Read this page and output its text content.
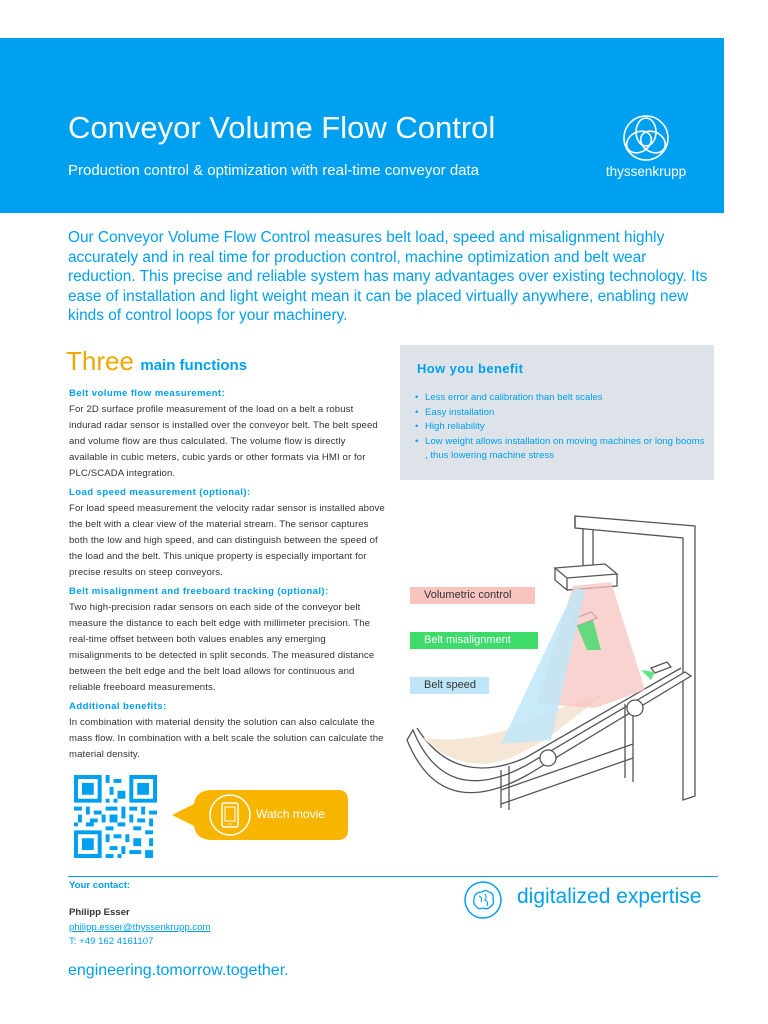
Conveyor Volume Flow Control
Production control & optimization with real-time conveyor data	thyssenkrupp
Our Conveyor Volume Flow Control measures belt load, speed and misalignment highly accurately and in real time for production control, machine optimization and belt wear reduction. This precise and reliable system has many advantages over existing technology. Its ease of installation and light weight mean it can be placed virtually anywhere, enabling new kinds of control loops for your machinery.
Three main functions
Belt volume flow measurement:

For 2D surface profile measurement of the load on a belt a robust indurad radar sensor is installed over the conveyor belt. The belt speed and volume flow are thus calculated. The volume flow is directly available in cubic meters, cubic yards or other formats via HMI or for PLC/SCADA integration.

Load speed measurement (optional):

For load speed measurement the velocity radar sensor is installed above the belt with a clear view of the material stream. The sensor captures both the low and high speed, and can distinguish between the speed of the load and the belt. This unique property is especially important for precise results on steep conveyors.

Belt misalignment and freeboard tracking (optional):

Two high-precision radar sensors on each side of the conveyor belt measure the distance to each belt edge with millimeter precision. The real-time offset between both values enables any emerging misalignments to be detected in split seconds. The measured distance between the belt edge and the belt load allows for continuous and reliable freeboard measurements.

Additional benefits:

In combination with material density the solution can also calculate the mass flow. In combination with a belt scale the solution can calculate the material density.

How you benefit
• Less error and calibration than belt scales
• Easy installation
• High reliability
• Low weight allows installation on moving machines or long booms , thus lowering machine stress
Volumetric control
Belt misalignment
Belt speed
Watch movie
Your contact:
Philipp Esser
philipp.esser@thyssenkrupp.com
T: +49 162 4161107
digitalized expertise
engineering.tomorrow.together.
